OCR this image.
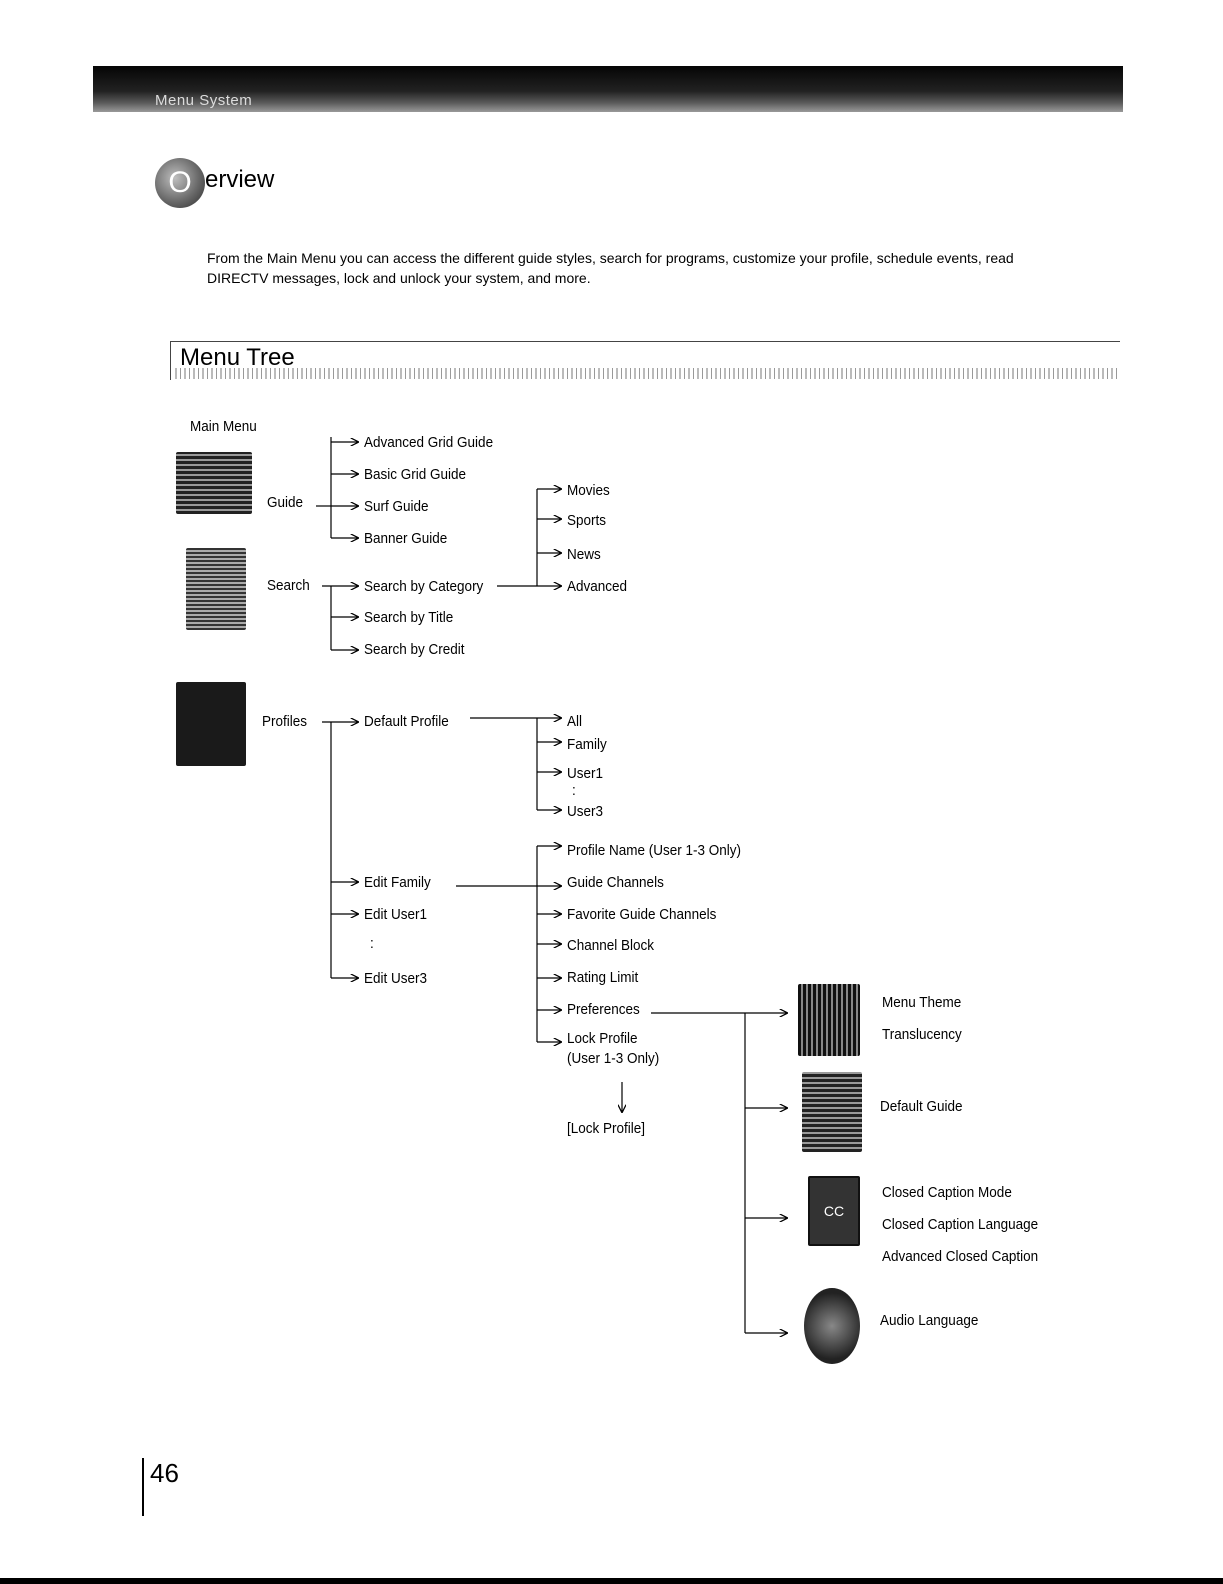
Menu System
O erview
From the Main Menu you can access the different guide styles, search for programs, customize your profile, schedule events, read DIRECTV messages, lock and unlock your system, and more.
Menu Tree
Main Menu
Guide
Advanced Grid Guide
Basic Grid Guide
Surf Guide
Banner Guide
Search	Search by Category
Search by Title
Search by Credit
Movies
Sports
News
Advanced
Profiles	Default Profile	All
Family
User1
:
User3
Edit Family
Edit User1
:
Edit User3
Profile Name (User 1-3 Only)
Guide Channels
Favorite Guide Channels
Channel Block
Rating Limit
Preferences
Lock Profile
(User 1-3 Only)
[Lock Profile]
Menu Theme
Translucency
Default Guide
CC
Closed Caption Mode
Closed Caption Language
Advanced Closed Caption
Audio Language
46
